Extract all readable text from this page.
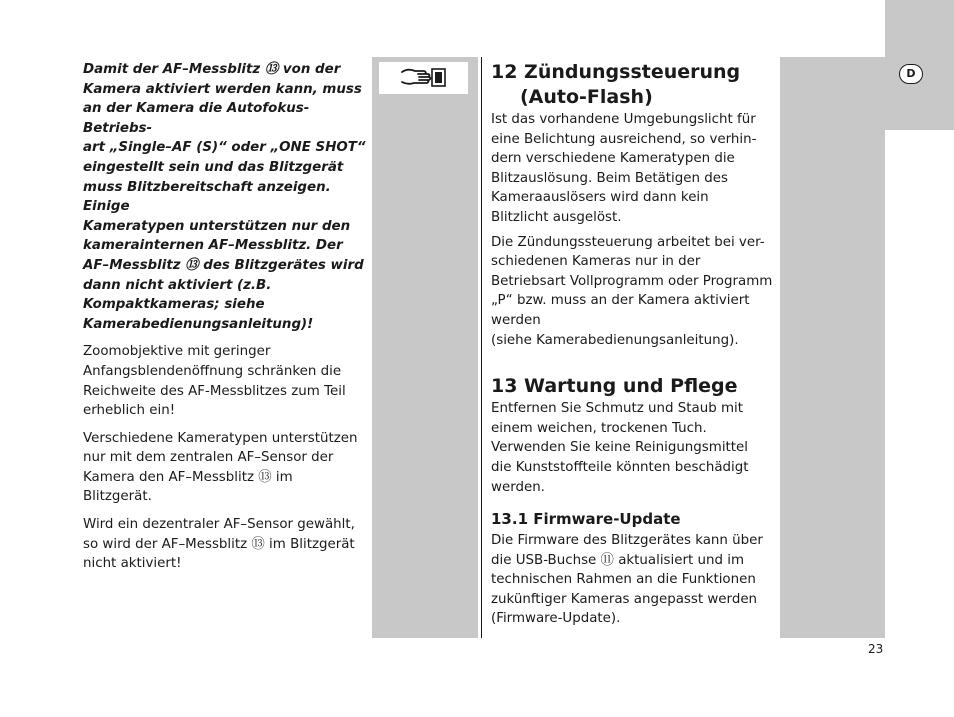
Damit der AF–Messblitz ⑬ von der
Kamera aktiviert werden kann, muss
an der Kamera die Autofokus-Betriebs-
art „Single–AF (S)“ oder „ONE SHOT“
eingestellt sein und das Blitzgerät
muss Blitzbereitschaft anzeigen. Einige
Kameratypen unterstützen nur den
kamerainternen AF–Messblitz. Der
AF–Messblitz ⑬ des Blitzgerätes wird
dann nicht aktiviert (z.B.
Kompaktkameras; siehe
Kamerabedienungsanleitung)!

Zoomobjektive mit geringer
Anfangsblendenöffnung schränken die
Reichweite des AF-Messblitzes zum Teil
erheblich ein!

Verschiedene Kameratypen unterstützen
nur mit dem zentralen AF–Sensor der
Kamera den AF–Messblitz ⑬ im
Blitzgerät.

Wird ein dezentraler AF–Sensor gewählt,
so wird der AF–Messblitz ⑬ im Blitzgerät
nicht aktiviert!

12 Zündungssteuerung
(Auto-Flash)

Ist das vorhandene Umgebungslicht für
eine Belichtung ausreichend, so verhin-
dern verschiedene Kameratypen die
Blitzauslösung. Beim Betätigen des
Kameraauslösers wird dann kein
Blitzlicht ausgelöst.

Die Zündungssteuerung arbeitet bei ver-
schiedenen Kameras nur in der
Betriebsart Vollprogramm oder Programm
„P“ bzw. muss an der Kamera aktiviert
werden
(siehe Kamerabedienungsanleitung).

13 Wartung und Pflege

Entfernen Sie Schmutz und Staub mit
einem weichen, trockenen Tuch.
Verwenden Sie keine Reinigungsmittel
die Kunststoffteile könnten beschädigt
werden.

13.1 Firmware-Update

Die Firmware des Blitzgerätes kann über
die USB-Buchse ⑪ aktualisiert und im
technischen Rahmen an die Funktionen
zukünftiger Kameras angepasst werden
(Firmware-Update).

D
23
